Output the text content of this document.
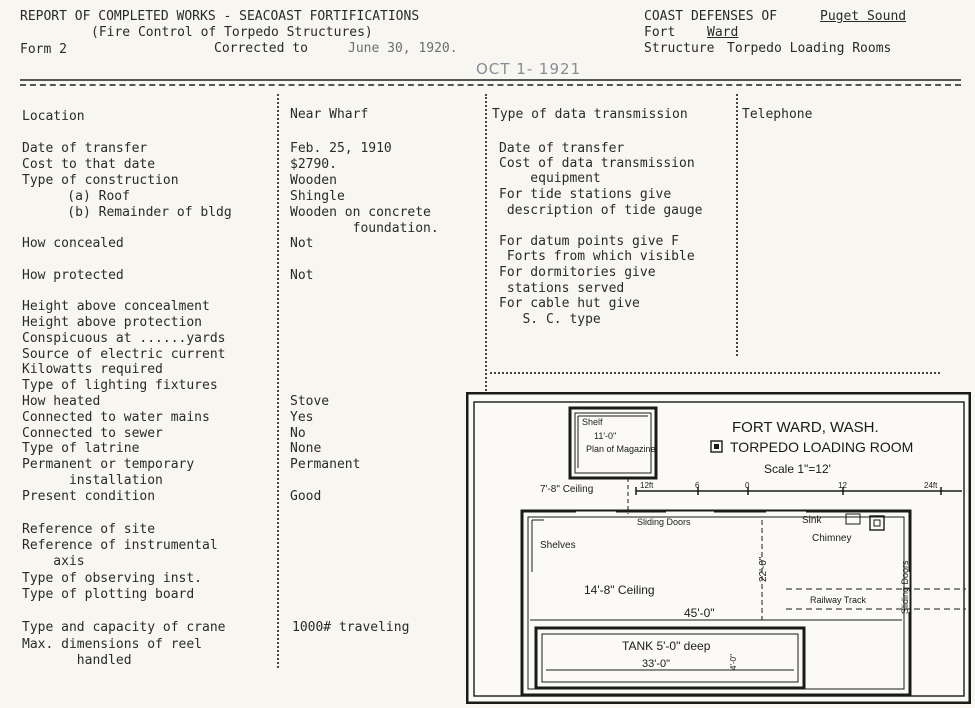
REPORT OF COMPLETED WORKS - SEACOAST FORTIFICATIONS
(Fire Control of Torpedo Structures)
Form 2	Corrected to	June 30, 1920.
OCT 1- 1921
COAST DEFENSES OF	Puget Sound
Fort Ward
Structure Torpedo Loading Rooms
Location	Near Wharf
Date of transfer	Feb. 25, 1910
Cost to that date	$2790.
Type of construction	Wooden
(a) Roof	Shingle
(b) Remainder of bldg	Wooden on concrete
foundation.
How concealed	Not
How protected	Not
Height above concealment
Height above protection
Conspicuous at ......yards
Source of electric current
Kilowatts required
Type of lighting fixtures
How heated	Stove
Connected to water mains	Yes
Connected to sewer	No
Type of latrine	None
Permanent or temporary	Permanent
installation
Present condition	Good
Reference of site
Reference of instrumental
axis
Type of observing inst.
Type of plotting board
Type and capacity of crane	1000# traveling
Max. dimensions of reel
handled
Type of data transmission	Telephone
Date of transfer
Cost of data transmission
equipment
For tide stations give
description of tide gauge
For datum points give F
Forts from which visible
For dormitories give
stations served
For cable hut give
S. C. type
Shelf
11'-0"
Plan of Magazine
7'-8" Ceiling
FORT WARD, WASH.
TORPEDO LOADING ROOM
Scale 1"=12'
12ft	6	0	12	24ft
Shelves
Sliding Doors	Sink
Chimney
14'-8" Ceiling
22'-0"
45'-0"
Railway Track	Sliding Doors
TANK 5'-0" deep
33'-0"	4'-0"
